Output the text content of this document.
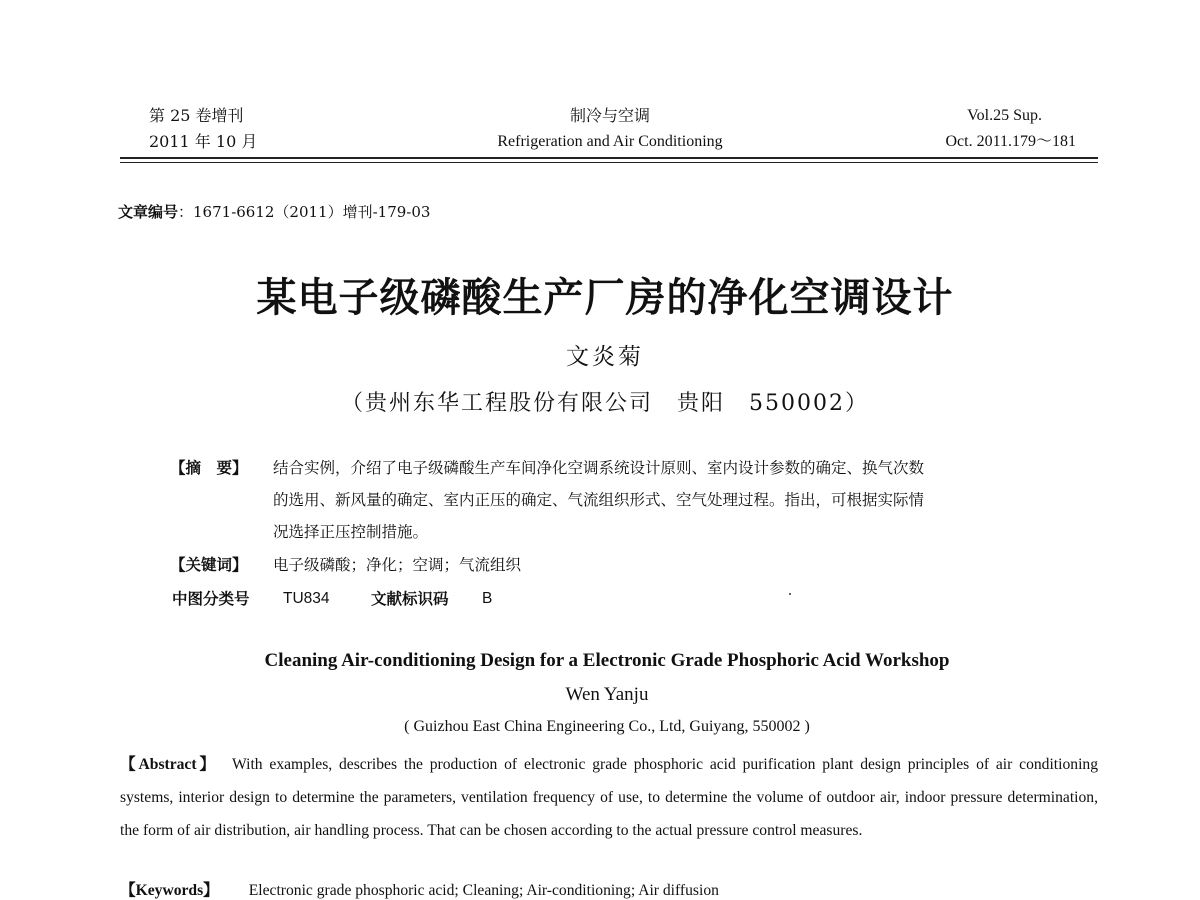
第 25 卷增刊
2011 年 10 月
制冷与空调
Refrigeration and Air Conditioning
Vol.25 Sup.
Oct. 2011.179～181
文章编号：1671-6612（2011）增刊-179-03
某电子级磷酸生产厂房的净化空调设计
文炎菊
（贵州东华工程股份有限公司　贵阳　550002）
【摘　要】 结合实例，介绍了电子级磷酸生产车间净化空调系统设计原则、室内设计参数的确定、换气次数
的选用、新风量的确定、室内正压的确定、气流组织形式、空气处理过程。指出，可根据实际情
况选择正压控制措施。
【关键词】 电子级磷酸；净化；空调；气流组织
中图分类号 TU834	文献标识码 B
Cleaning Air-conditioning Design for a Electronic Grade Phosphoric Acid Workshop
Wen Yanju
( Guizhou East China Engineering Co., Ltd, Guiyang, 550002 )
【Abstract】 With examples, describes the production of electronic grade phosphoric acid purification plant design principles of air conditioning systems, interior design to determine the parameters, ventilation frequency of use, to determine the volume of outdoor air, indoor pressure determination, the form of air distribution, air handling process. That can be chosen according to the actual pressure control measures.
【Keywords】 Electronic grade phosphoric acid; Cleaning; Air-conditioning; Air diffusion
